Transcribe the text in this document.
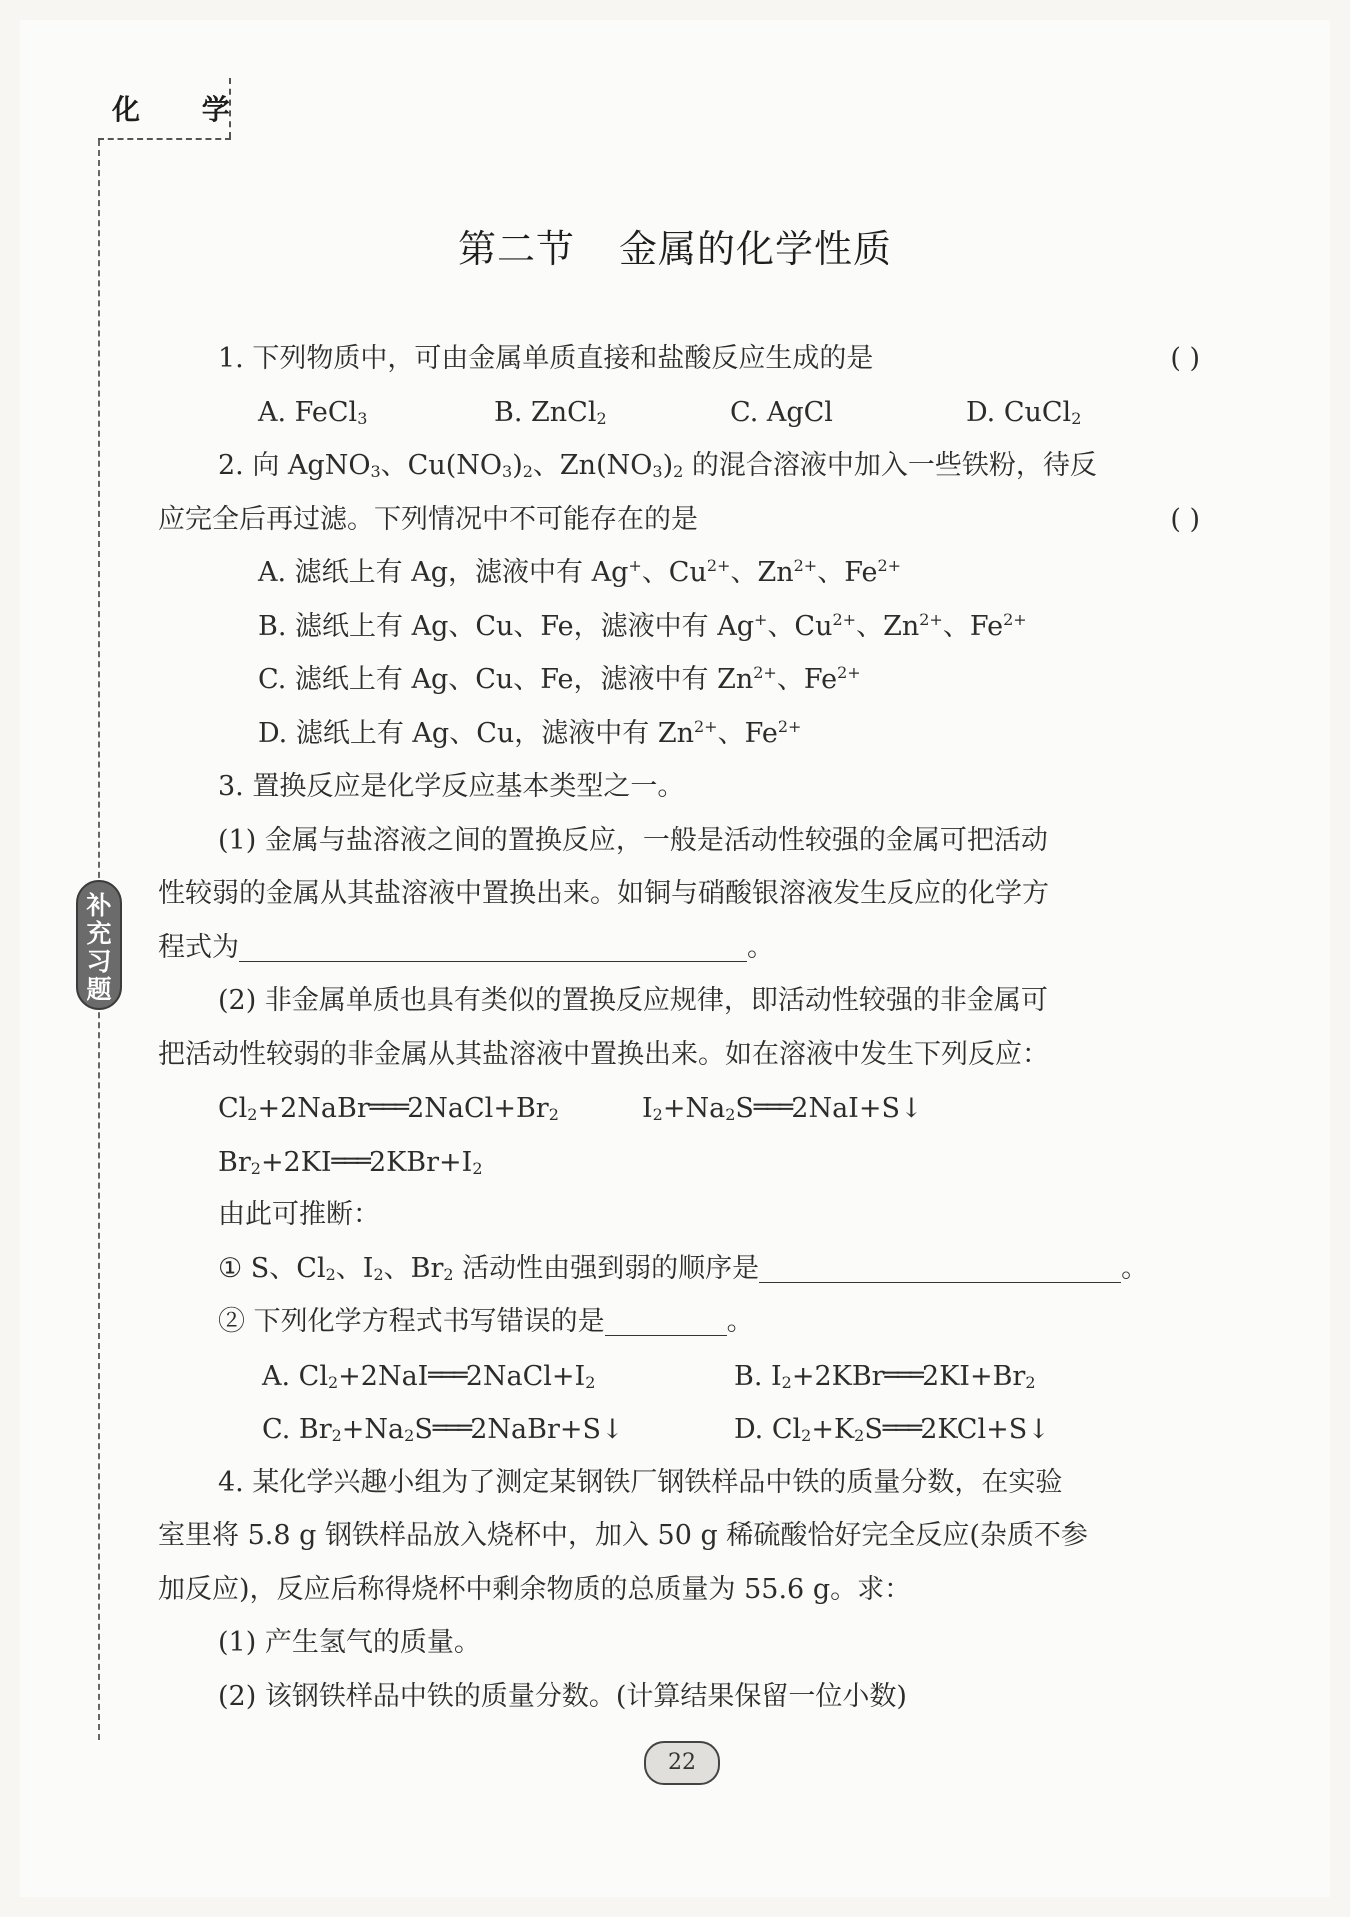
化 学
补
充
习
题
第二节 金属的化学性质
1. 下列物质中，可由金属单质直接和盐酸反应生成的是	( )
A. FeCl$_3$	B. ZnCl$_2$	C. AgCl	D. CuCl$_2$
2. 向 AgNO$_3$、$Cu(NO_3)_2$、$Zn(NO_3)_2$ 的混合溶液中加入一些铁粉，待反
应完全后再过滤。下列情况中不可能存在的是	( )
A. 滤纸上有 Ag，滤液中有 Ag+、$Cu^{2+}$、$Zn^{2+}$、$Fe^{2+}$
B. 滤纸上有 Ag、Cu、Fe，滤液中有 Ag+、$Cu^{2+}$、$Zn^{2+}$、$Fe^{2+}$
C. 滤纸上有 Ag、Cu、Fe，滤液中有 $Zn^{2+}$、$Fe^{2+}$
D. 滤纸上有 Ag、Cu，滤液中有 $Zn^{2+}$、$Fe^{2+}$
3. 置换反应是化学反应基本类型之一。
(1) 金属与盐溶液之间的置换反应，一般是活动性较强的金属可把活动
性较弱的金属从其盐溶液中置换出来。如铜与硝酸银溶液发生反应的化学方
程式为	。
(2) 非金属单质也具有类似的置换反应规律，即活动性较强的非金属可
把活动性较弱的非金属从其盐溶液中置换出来。如在溶液中发生下列反应：
$Cl_2+2NaBr═══2NaCl+Br_2$	$I_2+Na_2S═══2NaI+S↓$
$Br_2+2KI═══2KBr+I_2$
由此可推断：
① S、$Cl_2$、$I_2$、$Br_2$ 活动性由强到弱的顺序是	。
② 下列化学方程式书写错误的是	。
A. $Cl_2+2NaI═══2NaCl+I_2$	B. $I_2+2KBr═══2KI+Br_2$
C. $Br_2+Na_2S═══2NaBr+S↓$	D. $Cl_2+K_2S═══2KCl+S↓$
4. 某化学兴趣小组为了测定某钢铁厂钢铁样品中铁的质量分数，在实验
室里将 5.8 g 钢铁样品放入烧杯中，加入 50 g 稀硫酸恰好完全反应(杂质不参
加反应)，反应后称得烧杯中剩余物质的总质量为 55.6 g。求：
(1) 产生氢气的质量。
(2) 该钢铁样品中铁的质量分数。(计算结果保留一位小数)
22
